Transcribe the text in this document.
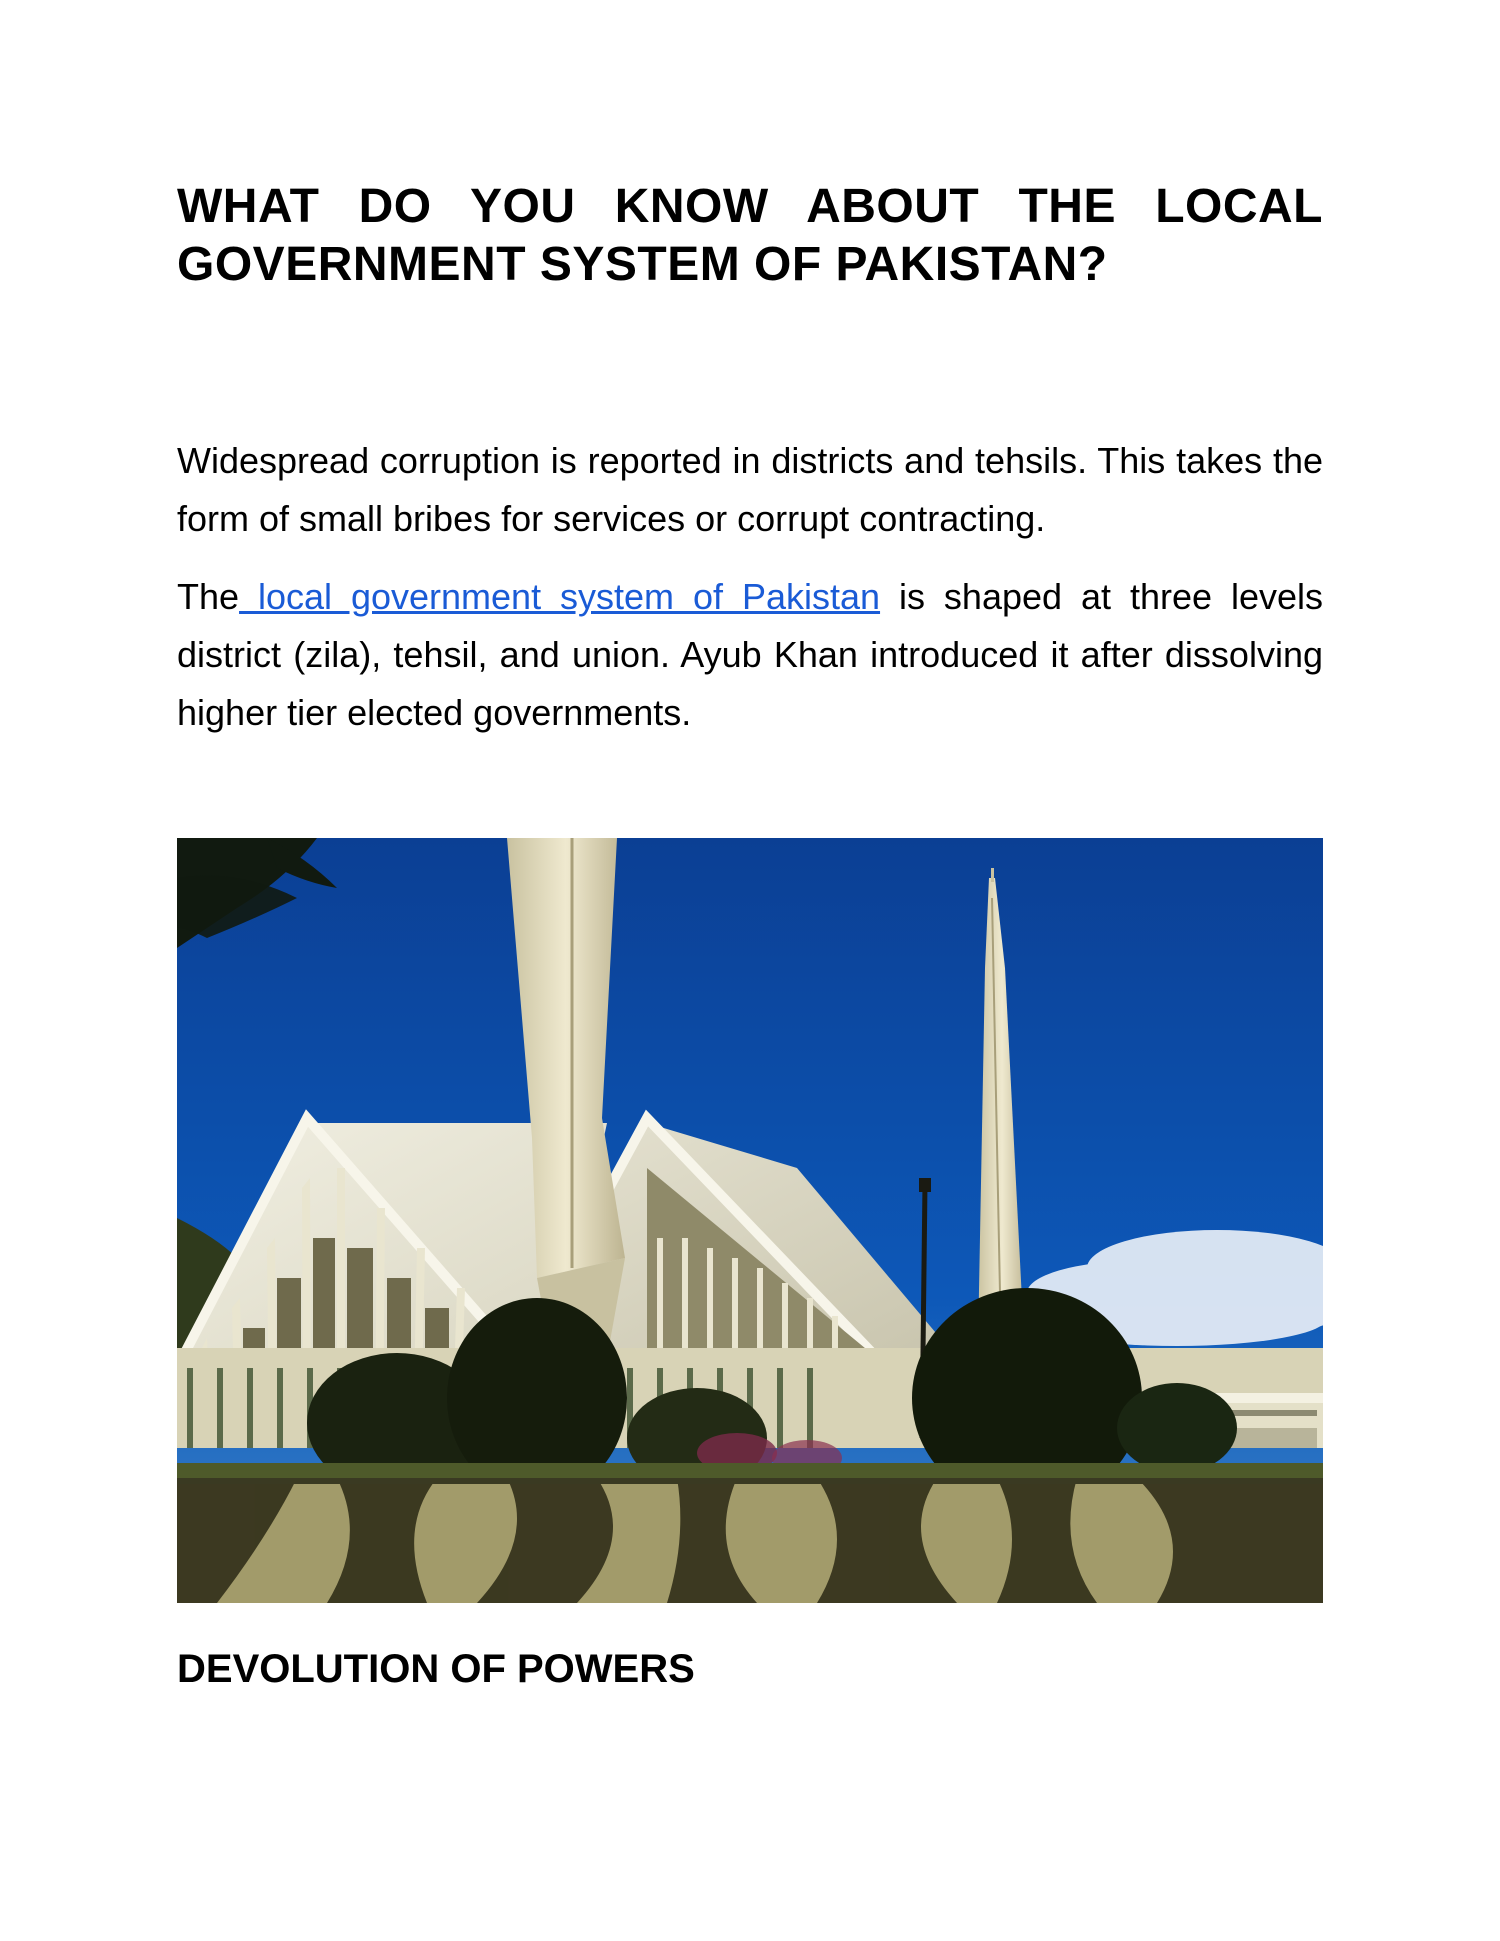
WHAT DO YOU KNOW ABOUT THE LOCAL GOVERNMENT SYSTEM OF PAKISTAN?

Widespread corruption is reported in districts and tehsils. This takes the form of small bribes for services or corrupt contracting.

The local government system of Pakistan is shaped at three levels district (zila), tehsil, and union. Ayub Khan introduced it after dissolving higher tier elected governments.

DEVOLUTION OF POWERS
